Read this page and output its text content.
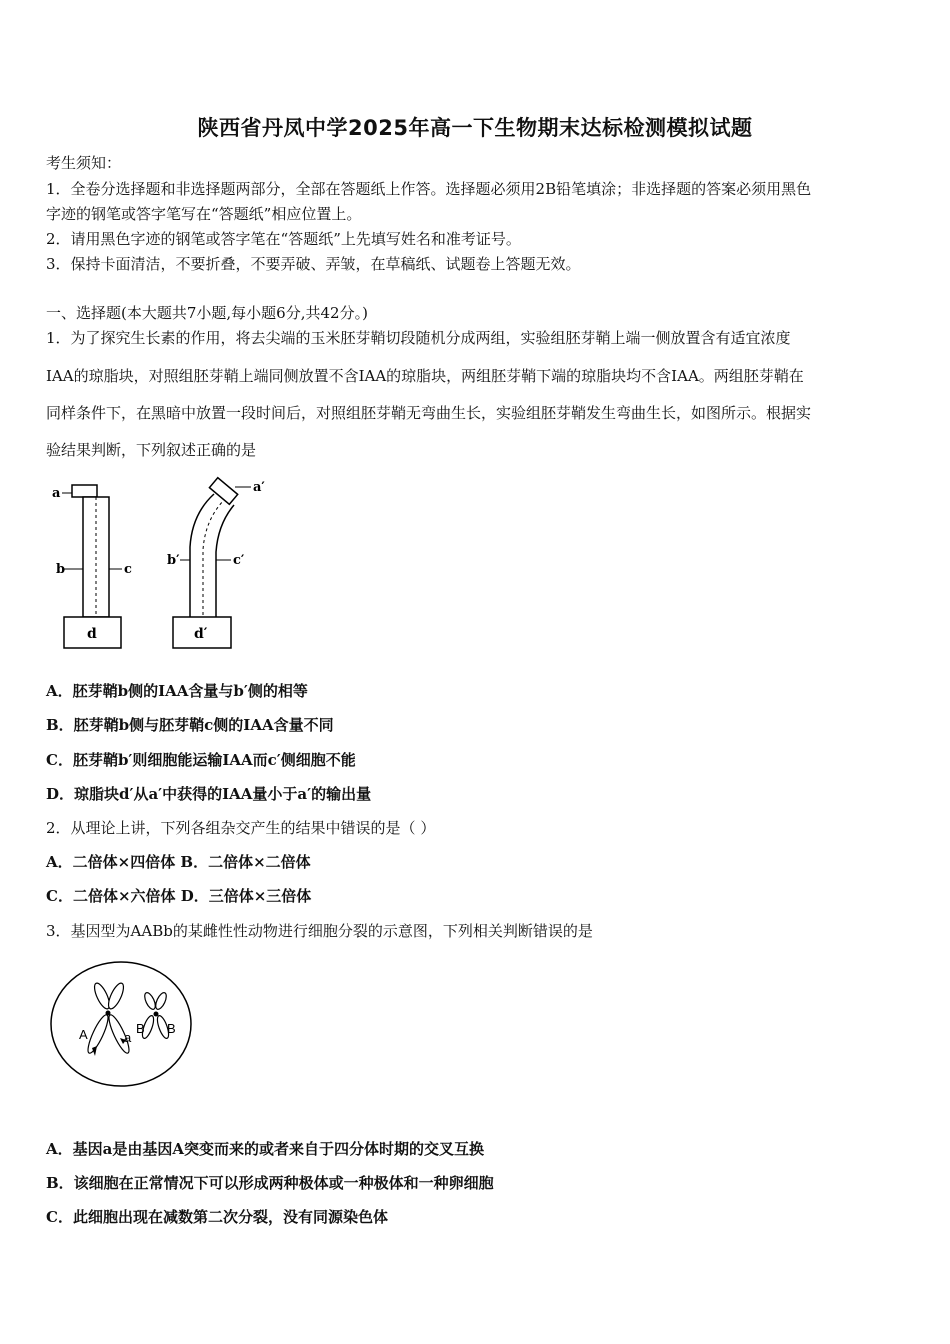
陕西省丹凤中学2025年高一下生物期末达标检测模拟试题
考生须知：
1．全卷分选择题和非选择题两部分，全部在答题纸上作答。选择题必须用2B铅笔填涂；非选择题的答案必须用黑色
字迹的钢笔或答字笔写在“答题纸”相应位置上。
2．请用黑色字迹的钢笔或答字笔在“答题纸”上先填写姓名和准考证号。
3．保持卡面清洁，不要折叠，不要弄破、弄皱，在草稿纸、试题卷上答题无效。
一、选择题(本大题共7小题,每小题6分,共42分。)
1．为了探究生长素的作用，将去尖端的玉米胚芽鞘切段随机分成两组，实验组胚芽鞘上端一侧放置含有适宜浓度
IAA的琼脂块，对照组胚芽鞘上端同侧放置不含IAA的琼脂块，两组胚芽鞘下端的琼脂块均不含IAA。两组胚芽鞘在
同样条件下，在黑暗中放置一段时间后，对照组胚芽鞘无弯曲生长，实验组胚芽鞘发生弯曲生长，如图所示。根据实
验结果判断，下列叙述正确的是
a
b	c
d
a′
b′	c′
d′
A．胚芽鞘b侧的IAA含量与b′侧的相等
B．胚芽鞘b侧与胚芽鞘c侧的IAA含量不同
C．胚芽鞘b′则细胞能运输IAA而c′侧细胞不能
D．琼脂块d′从a′中获得的IAA量小于a′的输出量
2．从理论上讲，下列各组杂交产生的结果中错误的是（ ）
A．二倍体×四倍体 B．二倍体×二倍体
C．二倍体×六倍体 D．三倍体×三倍体
3．基因型为AABb的某雌性性动物进行细胞分裂的示意图，下列相关判断错误的是
A	a
B B
A．基因a是由基因A突变而来的或者来自于四分体时期的交叉互换
B．该细胞在正常情况下可以形成两种极体或一种极体和一种卵细胞
C．此细胞出现在减数第二次分裂，没有同源染色体
